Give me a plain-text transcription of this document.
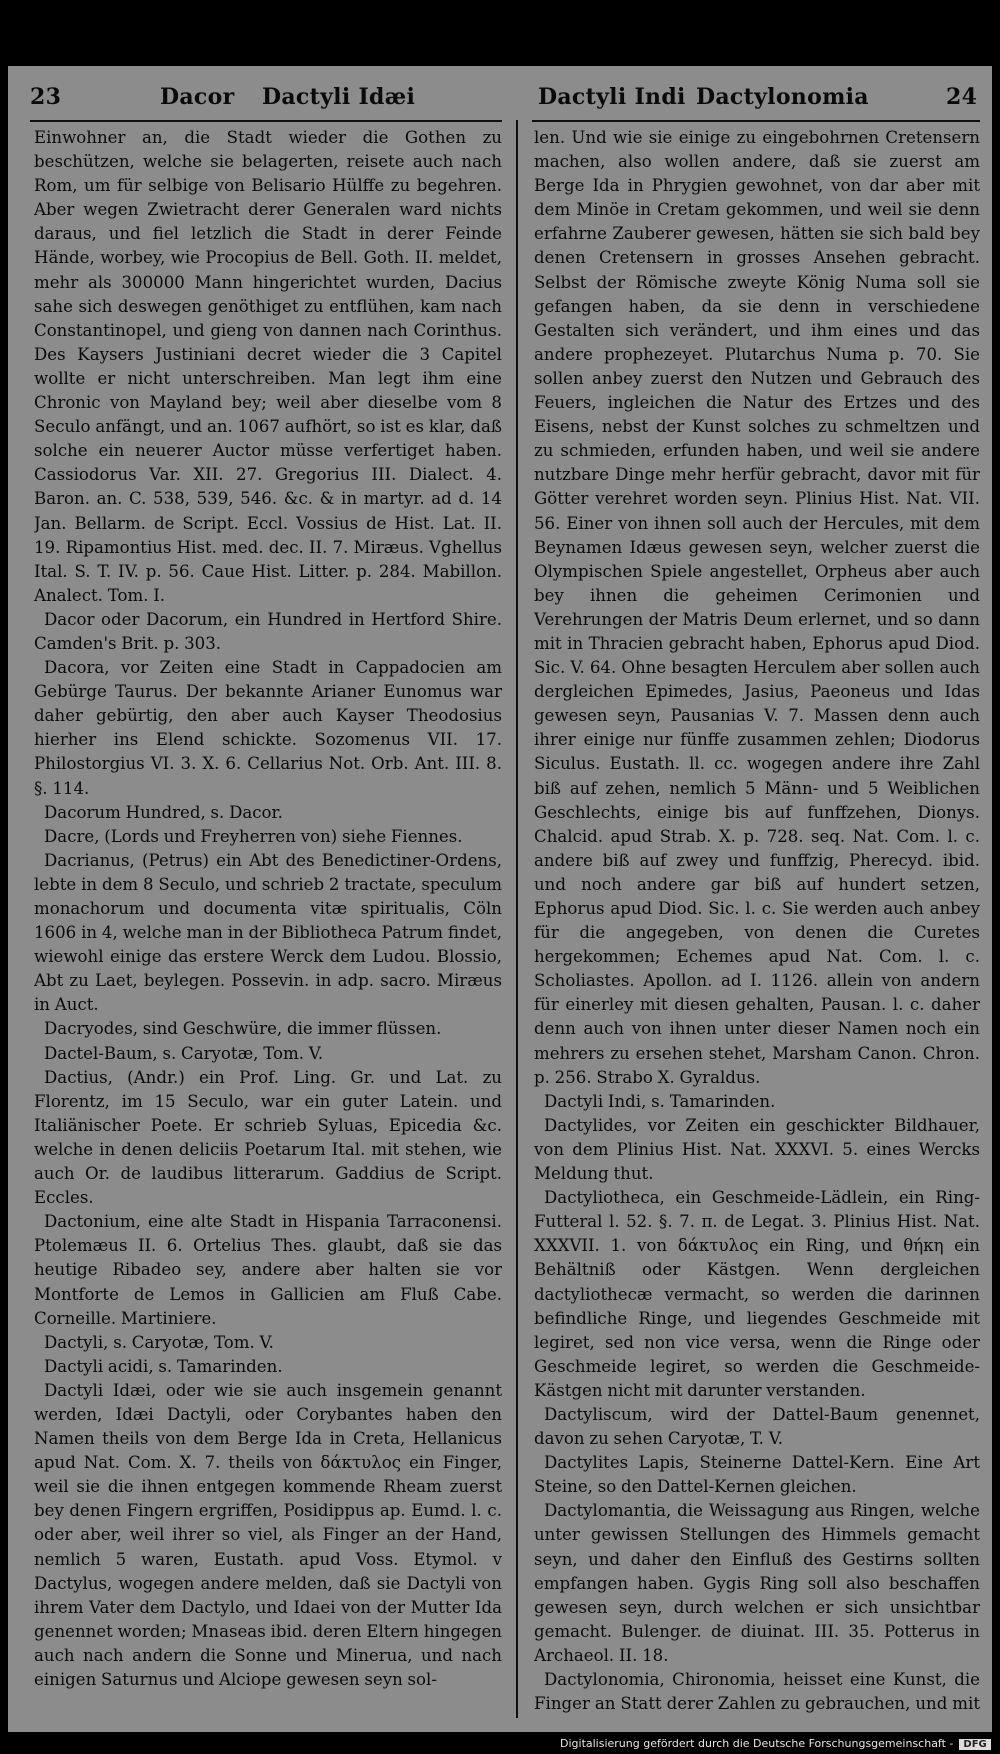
23	Dacor Dactyli Idæi	Dactyli Indi Dactylonomia	24

Einwohner an, die Stadt wieder die Gothen zu beschützen, welche sie belagerten, reisete auch nach Rom, um für selbige von Belisario Hülffe zu begehren. Aber wegen Zwietracht derer Generalen ward nichts daraus, und fiel letzlich die Stadt in derer Feinde Hände, worbey, wie Procopius de Bell. Goth. II. meldet, mehr als 300000 Mann hingerichtet wurden, Dacius sahe sich deswegen genöthiget zu entflühen, kam nach Constantinopel, und gieng von dannen nach Corinthus. Des Kaysers Justiniani decret wieder die 3 Capitel wollte er nicht unterschreiben. Man legt ihm eine Chronic von Mayland bey; weil aber dieselbe vom 8 Seculo anfängt, und an. 1067 aufhört, so ist es klar, daß solche ein neuerer Auctor müsse verfertiget haben. Cassiodorus Var. XII. 27. Gregorius III. Dialect. 4. Baron. an. C. 538, 539, 546. &c. & in martyr. ad d. 14 Jan. Bellarm. de Script. Eccl. Vossius de Hist. Lat. II. 19. Ripamontius Hist. med. dec. II. 7. Miræus. Vghellus Ital. S. T. IV. p. 56. Caue Hist. Litter. p. 284. Mabillon. Analect. Tom. I.

Dacor oder Dacorum, ein Hundred in Hertford Shire. Camden's Brit. p. 303.

Dacora, vor Zeiten eine Stadt in Cappadocien am Gebürge Taurus. Der bekannte Arianer Eunomus war daher gebürtig, den aber auch Kayser Theodosius hierher ins Elend schickte. Sozomenus VII. 17. Philostorgius VI. 3. X. 6. Cellarius Not. Orb. Ant. III. 8. §. 114.

Dacorum Hundred, s. Dacor.

Dacre, (Lords und Freyherren von) siehe Fiennes.

Dacrianus, (Petrus) ein Abt des Benedictiner-Ordens, lebte in dem 8 Seculo, und schrieb 2 tractate, speculum monachorum und documenta vitæ spiritualis, Cöln 1606 in 4, welche man in der Bibliotheca Patrum findet, wiewohl einige das erstere Werck dem Ludou. Blossio, Abt zu Laet, beylegen. Possevin. in adp. sacro. Miræus in Auct.

Dacryodes, sind Geschwüre, die immer flüssen.

Dactel-Baum, s. Caryotæ, Tom. V.

Dactius, (Andr.) ein Prof. Ling. Gr. und Lat. zu Florentz, im 15 Seculo, war ein guter Latein. und Italiänischer Poete. Er schrieb Syluas, Epicedia &c. welche in denen deliciis Poetarum Ital. mit stehen, wie auch Or. de laudibus litterarum. Gaddius de Script. Eccles.

Dactonium, eine alte Stadt in Hispania Tarraconensi. Ptolemæus II. 6. Ortelius Thes. glaubt, daß sie das heutige Ribadeo sey, andere aber halten sie vor Montforte de Lemos in Gallicien am Fluß Cabe. Corneille. Martiniere.

Dactyli, s. Caryotæ, Tom. V.

Dactyli acidi, s. Tamarinden.

Dactyli Idæi, oder wie sie auch insgemein genannt werden, Idæi Dactyli, oder Corybantes haben den Namen theils von dem Berge Ida in Creta, Hellanicus apud Nat. Com. X. 7. theils von δάκτυλος ein Finger, weil sie die ihnen entgegen kommende Rheam zuerst bey denen Fingern ergriffen, Posidippus ap. Eumd. l. c. oder aber, weil ihrer so viel, als Finger an der Hand, nemlich 5 waren, Eustath. apud Voss. Etymol. v Dactylus, wogegen andere melden, daß sie Dactyli von ihrem Vater dem Dactylo, und Idaei von der Mutter Ida genennet worden; Mnaseas ibid. deren Eltern hingegen auch nach andern die Sonne und Minerua, und nach einigen Saturnus und Alciope gewesen seyn sol-

len. Und wie sie einige zu eingebohrnen Cretensern machen, also wollen andere, daß sie zuerst am Berge Ida in Phrygien gewohnet, von dar aber mit dem Minöe in Cretam gekommen, und weil sie denn erfahrne Zauberer gewesen, hätten sie sich bald bey denen Cretensern in grosses Ansehen gebracht. Selbst der Römische zweyte König Numa soll sie gefangen haben, da sie denn in verschiedene Gestalten sich verändert, und ihm eines und das andere prophezeyet. Plutarchus Numa p. 70. Sie sollen anbey zuerst den Nutzen und Gebrauch des Feuers, ingleichen die Natur des Ertzes und des Eisens, nebst der Kunst solches zu schmeltzen und zu schmieden, erfunden haben, und weil sie andere nutzbare Dinge mehr herfür gebracht, davor mit für Götter verehret worden seyn. Plinius Hist. Nat. VII. 56. Einer von ihnen soll auch der Hercules, mit dem Beynamen Idæus gewesen seyn, welcher zuerst die Olympischen Spiele angestellet, Orpheus aber auch bey ihnen die geheimen Cerimonien und Verehrungen der Matris Deum erlernet, und so dann mit in Thracien gebracht haben, Ephorus apud Diod. Sic. V. 64. Ohne besagten Herculem aber sollen auch dergleichen Epimedes, Jasius, Paeoneus und Idas gewesen seyn, Pausanias V. 7. Massen denn auch ihrer einige nur fünffe zusammen zehlen; Diodorus Siculus. Eustath. ll. cc. wogegen andere ihre Zahl biß auf zehen, nemlich 5 Männ- und 5 Weiblichen Geschlechts, einige bis auf funffzehen, Dionys. Chalcid. apud Strab. X. p. 728. seq. Nat. Com. l. c. andere biß auf zwey und funffzig, Pherecyd. ibid. und noch andere gar biß auf hundert setzen, Ephorus apud Diod. Sic. l. c. Sie werden auch anbey für die angegeben, von denen die Curetes hergekommen; Echemes apud Nat. Com. l. c. Scholiastes. Apollon. ad I. 1126. allein von andern für einerley mit diesen gehalten, Pausan. l. c. daher denn auch von ihnen unter dieser Namen noch ein mehrers zu ersehen stehet, Marsham Canon. Chron. p. 256. Strabo X. Gyraldus.

Dactyli Indi, s. Tamarinden.

Dactylides, vor Zeiten ein geschickter Bildhauer, von dem Plinius Hist. Nat. XXXVI. 5. eines Wercks Meldung thut.

Dactyliotheca, ein Geschmeide-Lädlein, ein Ring-Futteral l. 52. §. 7. π. de Legat. 3. Plinius Hist. Nat. XXXVII. 1. von δάκτυλος ein Ring, und θήκη ein Behältniß oder Kästgen. Wenn dergleichen dactyliothecæ vermacht, so werden die darinnen befindliche Ringe, und liegendes Geschmeide mit legiret, sed non vice versa, wenn die Ringe oder Geschmeide legiret, so werden die Geschmeide-Kästgen nicht mit darunter verstanden.

Dactyliscum, wird der Dattel-Baum genennet, davon zu sehen Caryotæ, T. V.

Dactylites Lapis, Steinerne Dattel-Kern. Eine Art Steine, so den Dattel-Kernen gleichen.

Dactylomantia, die Weissagung aus Ringen, welche unter gewissen Stellungen des Himmels gemacht seyn, und daher den Einfluß des Gestirns sollten empfangen haben. Gygis Ring soll also beschaffen gewesen seyn, durch welchen er sich unsichtbar gemacht. Bulenger. de diuinat. III. 35. Potterus in Archaeol. II. 18.

Dactylonomia, Chironomia, heisset eine Kunst, die Finger an Statt derer Zahlen zu gebrauchen, und mit

Digitalisierung gefördert durch die Deutsche Forschungsgemeinschaft - DFG
